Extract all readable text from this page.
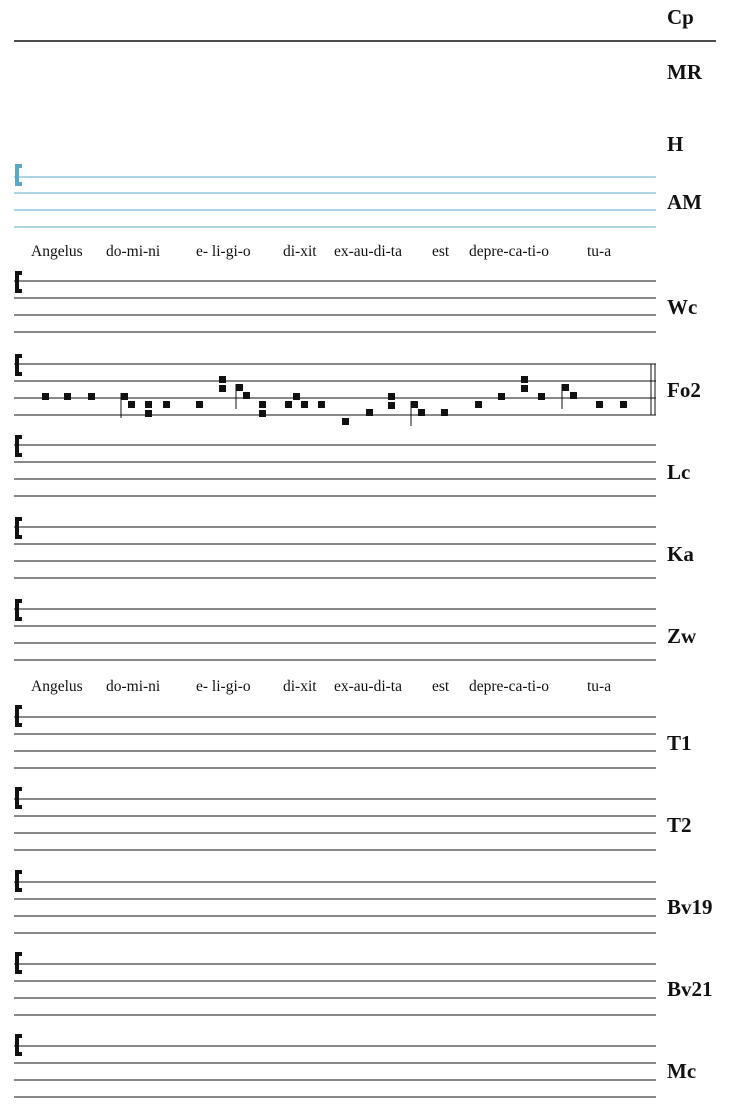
Cp
MR
H
AM
Wc
Fo2
Lc
Ka
Zw
T1
T2
Bv19
Bv21
Mc
Angelus do-mi-ni e- li-gi-o di-xit ex-au-di-ta est depre-ca-ti-o tu-a
Angelus do-mi-ni e- li-gi-o di-xit ex-au-di-ta est depre-ca-ti-o tu-a
